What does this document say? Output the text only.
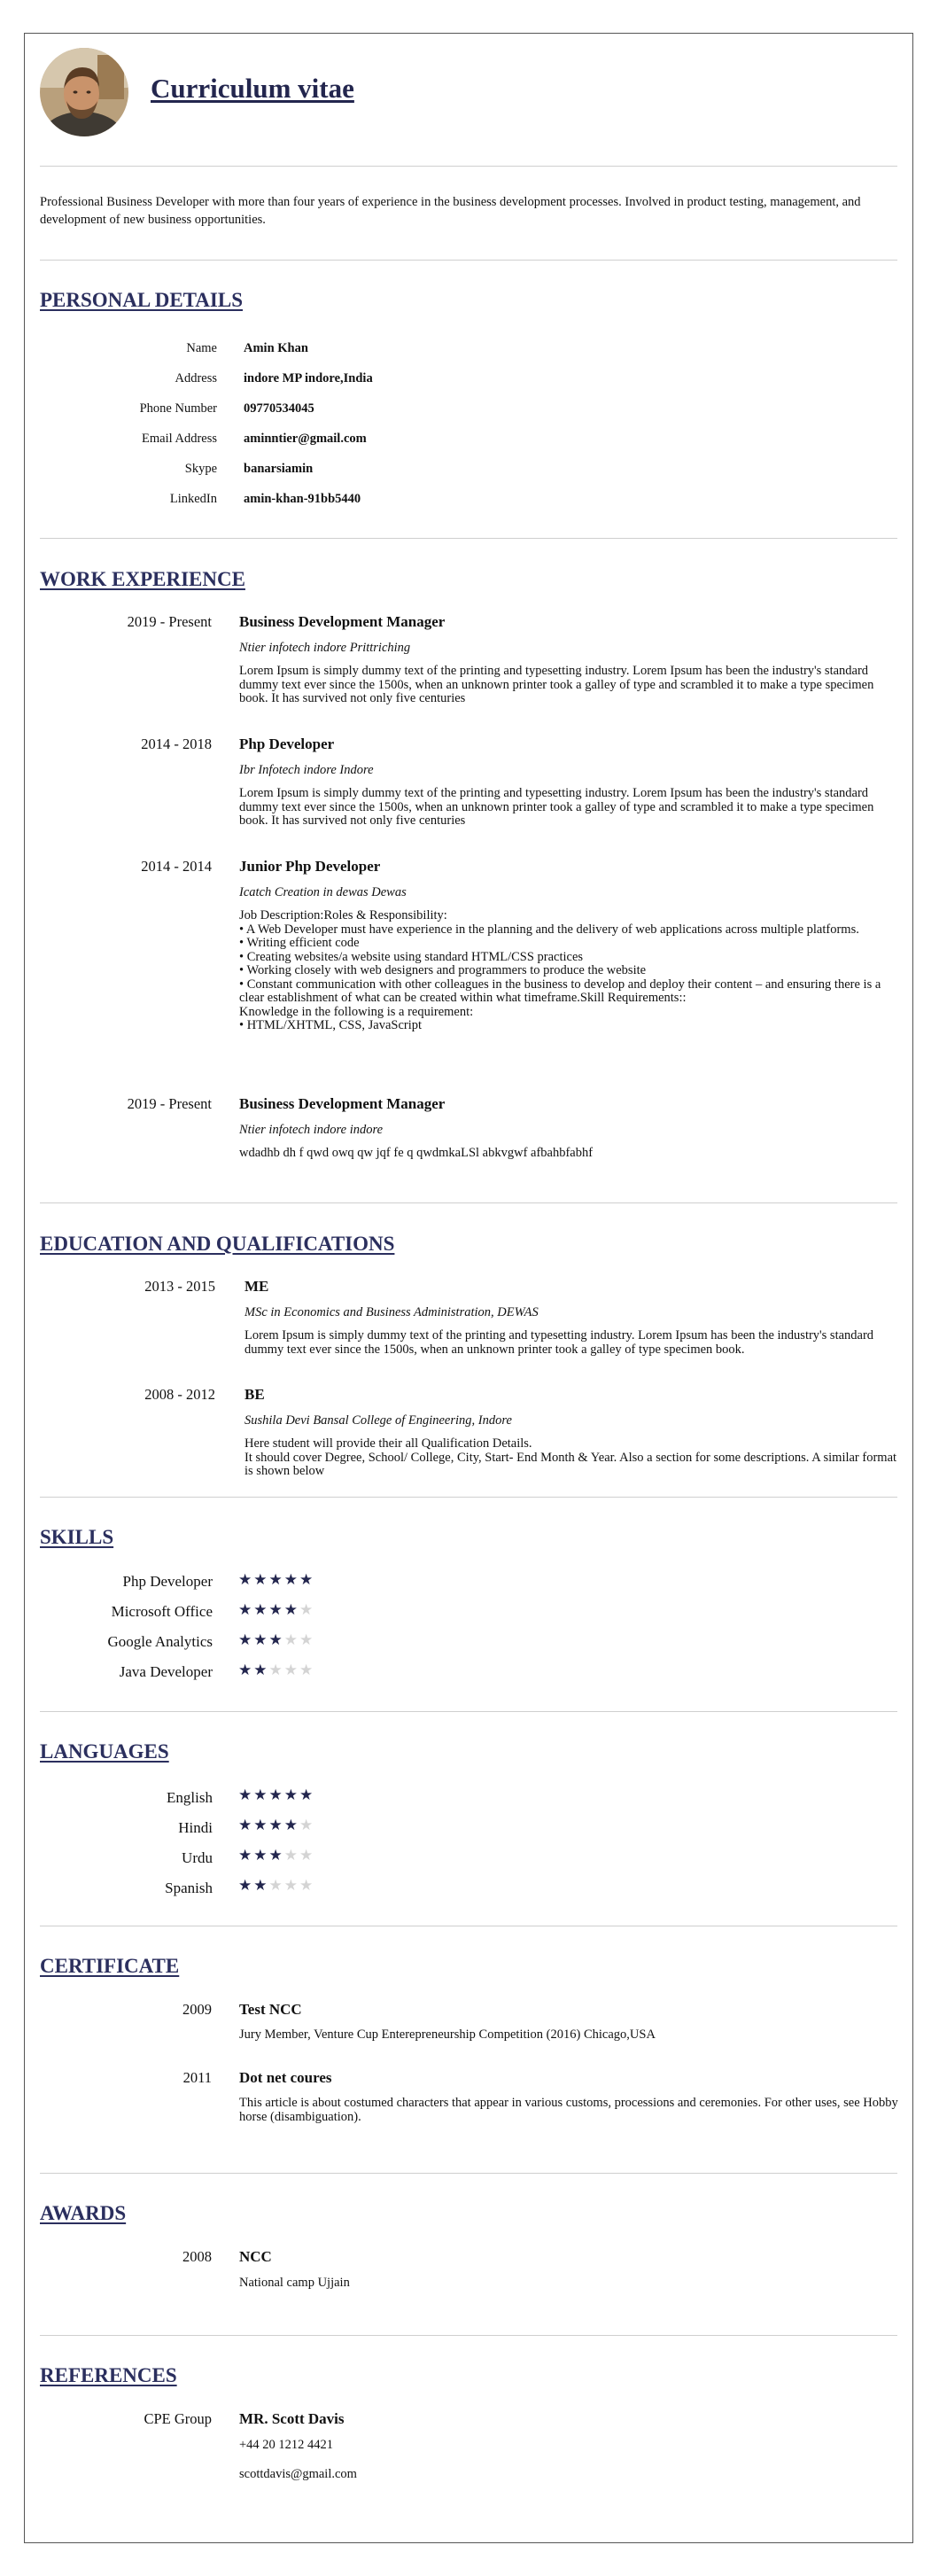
Curriculum vitae
Professional Business Developer with more than four years of experience in the business development processes. Involved in product testing, management, and development of new business opportunities.
PERSONAL DETAILS
Name Amin Khan
Address indore MP indore,India
Phone Number 09770534045
Email Address aminntier@gmail.com
Skype banarsiamin
LinkedIn amin-khan-91bb5440
WORK EXPERIENCE
2019 - Present Business Development Manager
Ntier infotech indore Prittriching
Lorem Ipsum is simply dummy text of the printing and typesetting industry. Lorem Ipsum has been the industry's standard dummy text ever since the 1500s, when an unknown printer took a galley of type and scrambled it to make a type specimen book. It has survived not only five centuries
2014 - 2018 Php Developer
Ibr Infotech indore Indore
Lorem Ipsum is simply dummy text of the printing and typesetting industry. Lorem Ipsum has been the industry's standard dummy text ever since the 1500s, when an unknown printer took a galley of type and scrambled it to make a type specimen book. It has survived not only five centuries
2014 - 2014 Junior Php Developer
Icatch Creation in dewas Dewas
Job Description:Roles & Responsibility:
• A Web Developer must have experience in the planning and the delivery of web applications across multiple platforms.
• Writing efficient code
• Creating websites/a website using standard HTML/CSS practices
• Working closely with web designers and programmers to produce the website
• Constant communication with other colleagues in the business to develop and deploy their content – and ensuring there is a clear establishment of what can be created within what timeframe.Skill Requirements::
Knowledge in the following is a requirement:
• HTML/XHTML, CSS, JavaScript
2019 - Present Business Development Manager
Ntier infotech indore indore
wdadhb dh f qwd owq qw jqf fe q qwdmkaLSl abkvgwf afbahbfabhf
EDUCATION AND QUALIFICATIONS
2013 - 2015 ME
MSc in Economics and Business Administration, DEWAS
Lorem Ipsum is simply dummy text of the printing and typesetting industry. Lorem Ipsum has been the industry's standard dummy text ever since the 1500s, when an unknown printer took a galley of type specimen book.
2008 - 2012 BE
Sushila Devi Bansal College of Engineering, Indore
Here student will provide their all Qualification Details.
It should cover Degree, School/ College, City, Start- End Month & Year. Also a section for some descriptions. A similar format is shown below
SKILLS
Php Developer ★★★★★
Microsoft Office ★★★★★
Google Analytics ★★★★★
Java Developer ★★★★★
LANGUAGES
English ★★★★★
Hindi ★★★★★
Urdu ★★★★★
Spanish ★★★★★
CERTIFICATE
2009 Test NCC
Jury Member, Venture Cup Enterepreneurship Competition (2016) Chicago,USA
2011 Dot net coures
This article is about costumed characters that appear in various customs, processions and ceremonies. For other uses, see Hobby horse (disambiguation).
AWARDS
2008 NCC
National camp Ujjain
REFERENCES
CPE Group MR. Scott Davis
+44 20 1212 4421
scottdavis@gmail.com
